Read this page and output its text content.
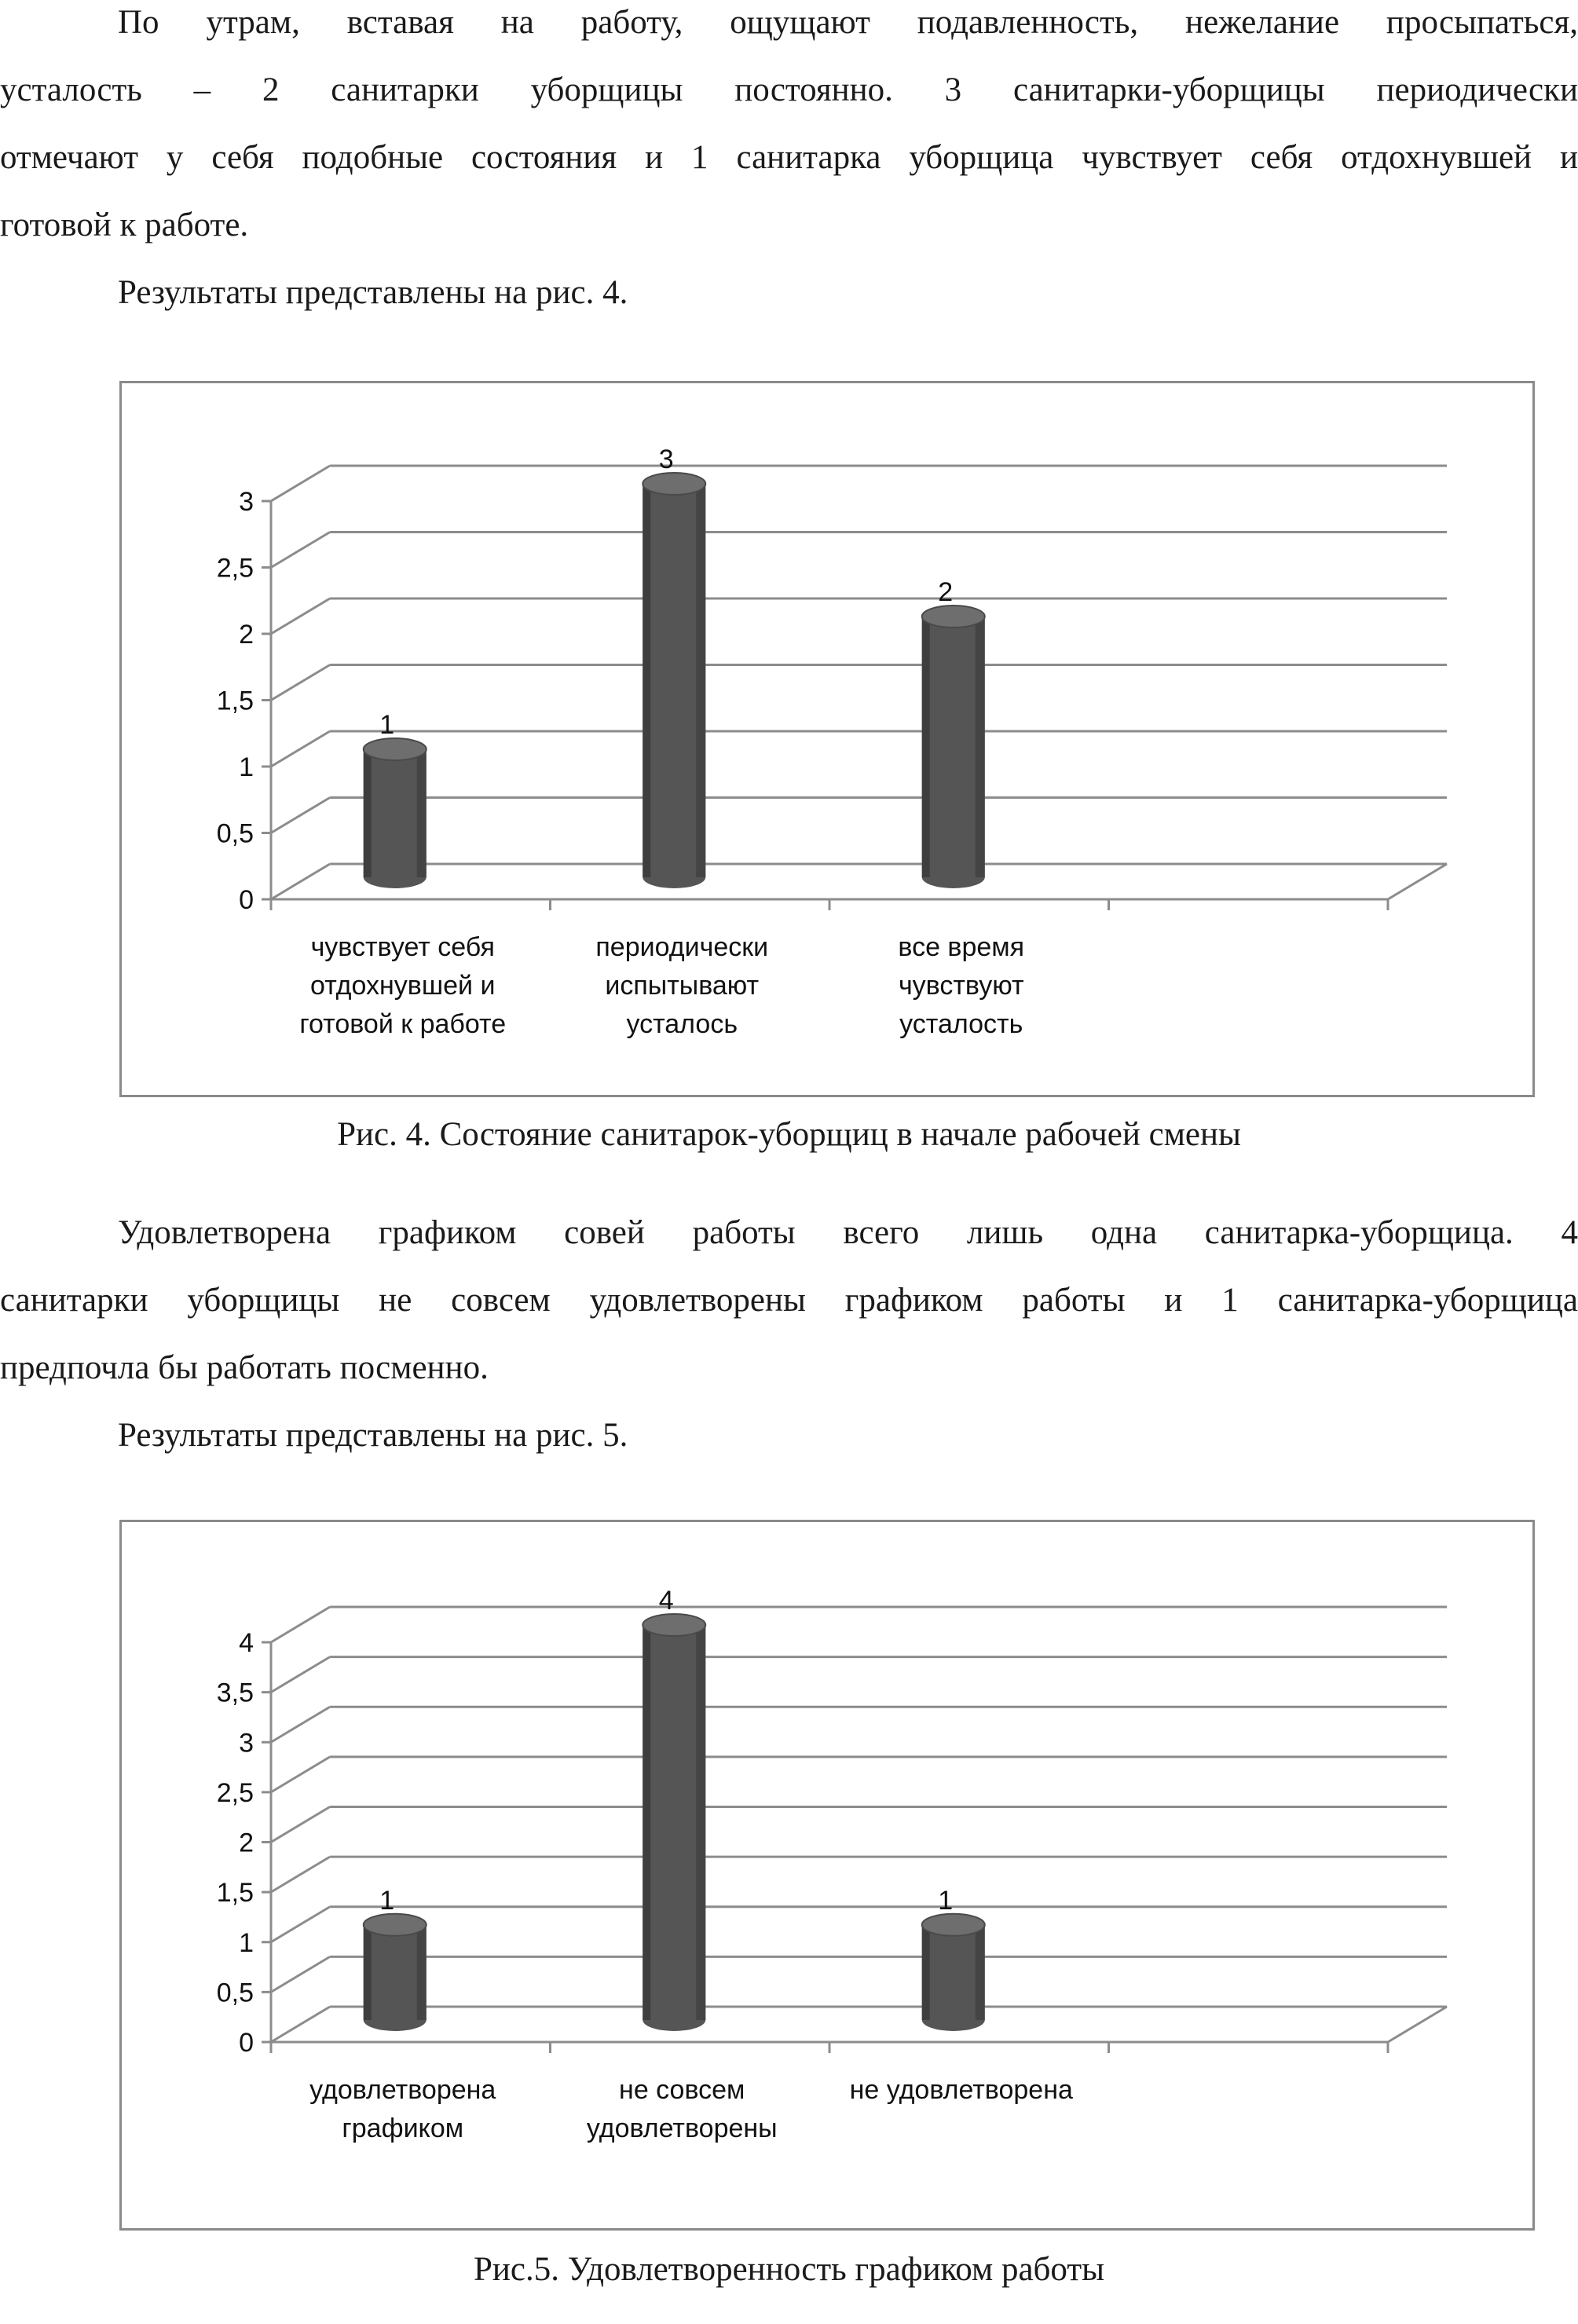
По утрам, вставая на работу, ощущают подавленность, нежелание просыпаться,
усталость – 2 санитарки уборщицы постоянно. 3 санитарки-уборщицы периодически
отмечают у себя подобные состояния и 1 санитарка уборщица чувствует себя отдохнувшей и
готовой к работе.
Результаты представлены на рис. 4.
0
0,5
1
1,5
2
2,5
3
1
3
2
чувствует себя
отдохнувшей и
готовой к работе
периодически
испытывают
усталось
все время
чувствуют
усталость
Рис. 4. Состояние санитарок-уборщиц в начале рабочей смены
Удовлетворена графиком совей работы всего лишь одна санитарка-уборщица. 4
санитарки уборщицы не совсем удовлетворены графиком работы и 1 санитарка-уборщица
предпочла бы работать посменно.
Результаты представлены на рис. 5.
0
0,5
1
1,5
2
2,5
3
3,5
4
1
4
1
удовлетворена
графиком
не совсем
удовлетворены
не удовлетворена
Рис.5. Удовлетворенность графиком работы
